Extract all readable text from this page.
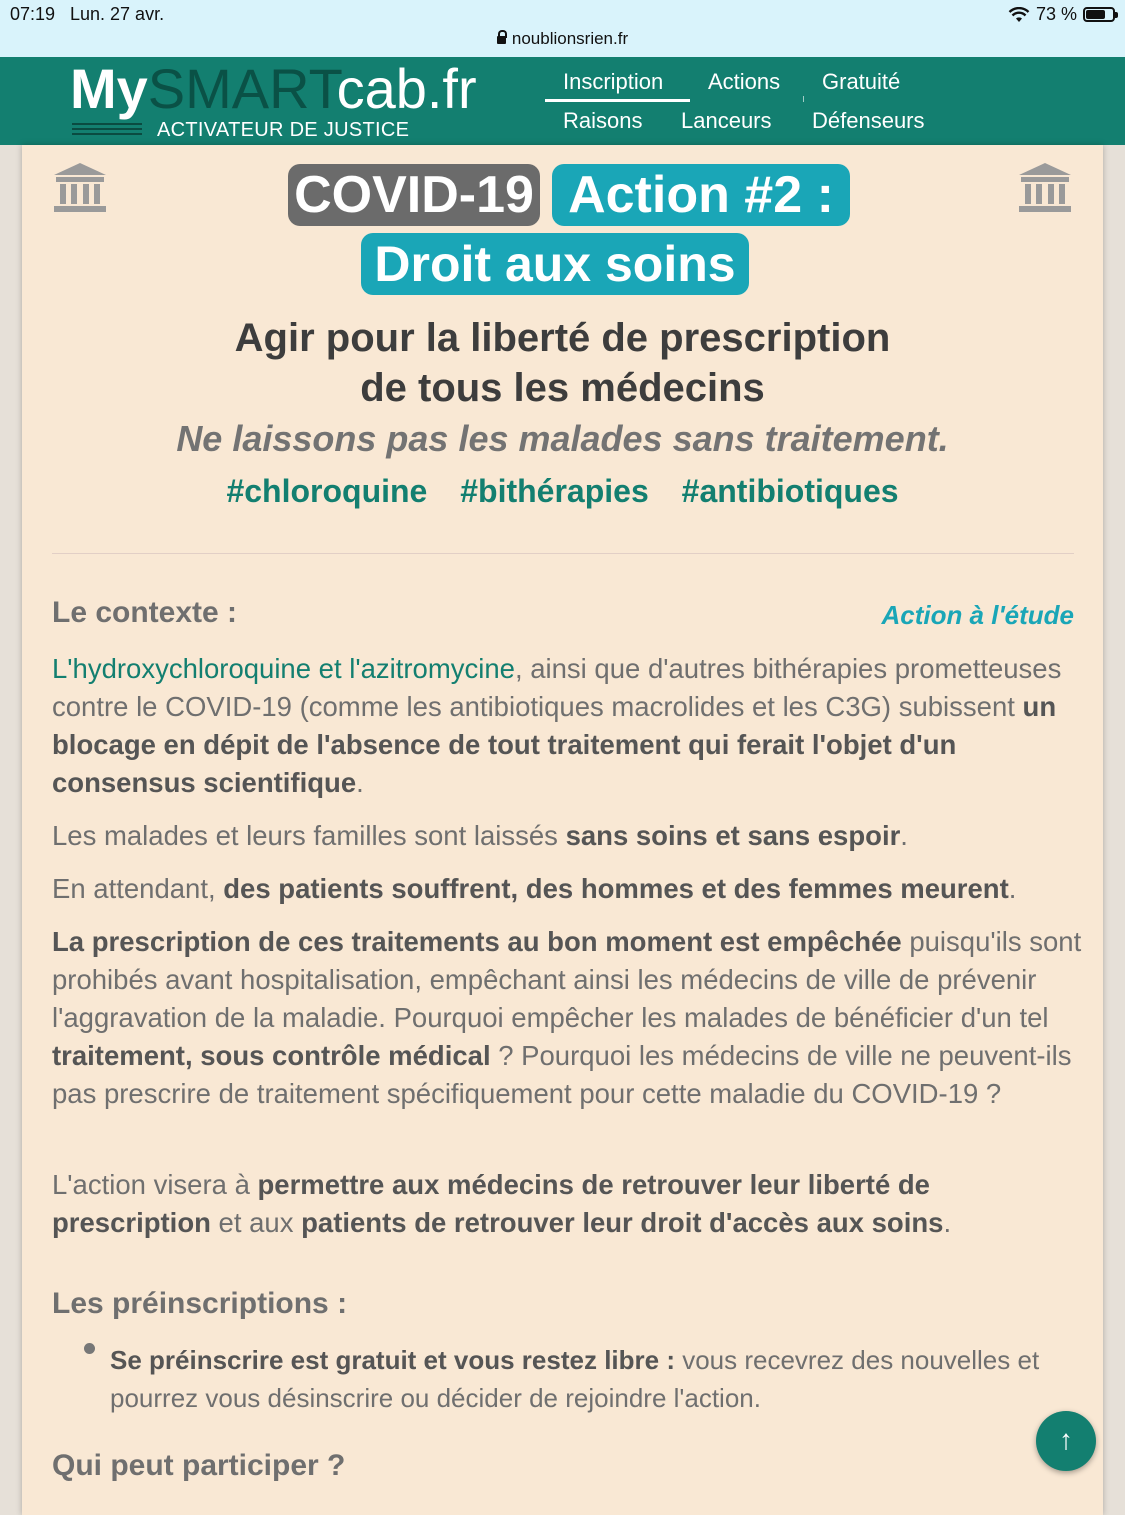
07:19 Lun. 27 avr.	73 %
noublionsrien.fr
MySMARTcab.fr
ACTIVATEUR DE JUSTICE
Inscription Actions Gratuité
Raisons Lanceurs Défenseurs
COVID-19 Action #2 :
Droit aux soins
Agir pour la liberté de prescription
de tous les médecins
Ne laissons pas les malades sans traitement.
#chloroquine #bithérapies #antibiotiques
Le contexte :	Action à l'étude
L'hydroxychloroquine et l'azitromycine, ainsi que d'autres bithérapies prometteuses contre le COVID-19 (comme les antibiotiques macrolides et les C3G) subissent un blocage en dépit de l'absence de tout traitement qui ferait l'objet d'un consensus scientifique.
Les malades et leurs familles sont laissés sans soins et sans espoir.
En attendant, des patients souffrent, des hommes et des femmes meurent.
La prescription de ces traitements au bon moment est empêchée puisqu'ils sont prohibés avant hospitalisation, empêchant ainsi les médecins de ville de prévenir l'aggravation de la maladie. Pourquoi empêcher les malades de bénéficier d'un tel traitement, sous contrôle médical ? Pourquoi les médecins de ville ne peuvent-ils pas prescrire de traitement spécifiquement pour cette maladie du COVID-19 ?
L'action visera à permettre aux médecins de retrouver leur liberté de prescription et aux patients de retrouver leur droit d'accès aux soins.
Les préinscriptions :
Se préinscrire est gratuit et vous restez libre : vous recevrez des nouvelles et pourrez vous désinscrire ou décider de rejoindre l'action.
Qui peut participer ?
↑
